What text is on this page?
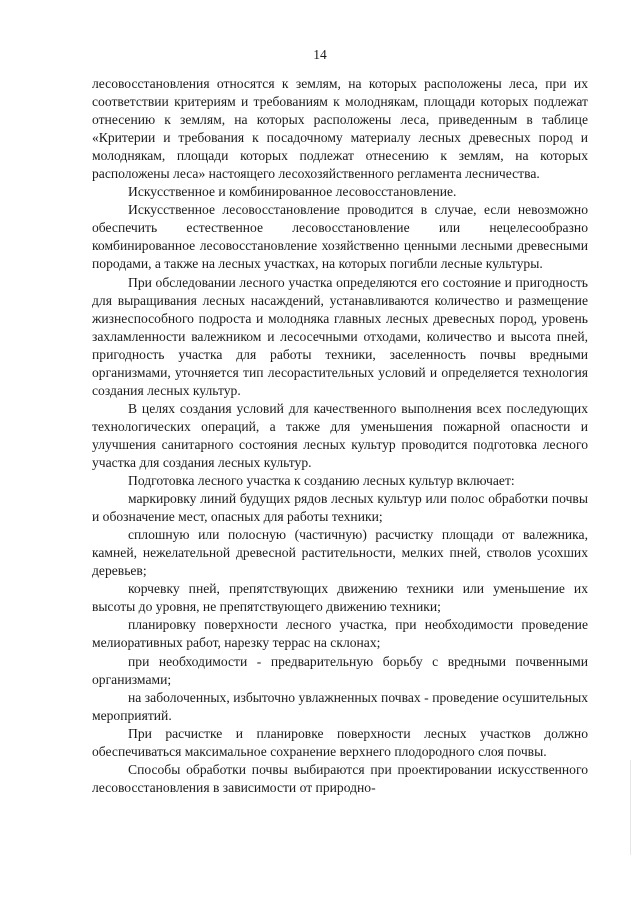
14

лесовосстановления относятся к землям, на которых расположены леса, при их соответствии критериям и требованиям к молоднякам, площади которых подлежат отнесению к землям, на которых расположены леса, приведенным в таблице «Критерии и требования к посадочному материалу лесных древесных пород и молоднякам, площади которых подлежат отнесению к землям, на которых расположены леса» настоящего лесохозяйственного регламента лесничества.

Искусственное и комбинированное лесовосстановление.

Искусственное лесовосстановление проводится в случае, если невозможно обеспечить естественное лесовосстановление или нецелесообразно комбинированное лесовосстановление хозяйственно ценными лесными древесными породами, а также на лесных участках, на которых погибли лесные культуры.

При обследовании лесного участка определяются его состояние и пригодность для выращивания лесных насаждений, устанавливаются количество и размещение жизнеспособного подроста и молодняка главных лесных древесных пород, уровень захламленности валежником и лесосечными отходами, количество и высота пней, пригодность участка для работы техники, заселенность почвы вредными организмами, уточняется тип лесорастительных условий и определяется технология создания лесных культур.

В целях создания условий для качественного выполнения всех последующих технологических операций, а также для уменьшения пожарной опасности и улучшения санитарного состояния лесных культур проводится подготовка лесного участка для создания лесных культур.

Подготовка лесного участка к созданию лесных культур включает:

маркировку линий будущих рядов лесных культур или полос обработки почвы и обозначение мест, опасных для работы техники;

сплошную или полосную (частичную) расчистку площади от валежника, камней, нежелательной древесной растительности, мелких пней, стволов усохших деревьев;

корчевку пней, препятствующих движению техники или уменьшение их высоты до уровня, не препятствующего движению техники;

планировку поверхности лесного участка, при необходимости проведение мелиоративных работ, нарезку террас на склонах;

при необходимости - предварительную борьбу с вредными почвенными организмами;

на заболоченных, избыточно увлажненных почвах - проведение осушительных мероприятий.

При расчистке и планировке поверхности лесных участков должно обеспечиваться максимальное сохранение верхнего плодородного слоя почвы.

Способы обработки почвы выбираются при проектировании искусственного лесовосстановления в зависимости от природно-
